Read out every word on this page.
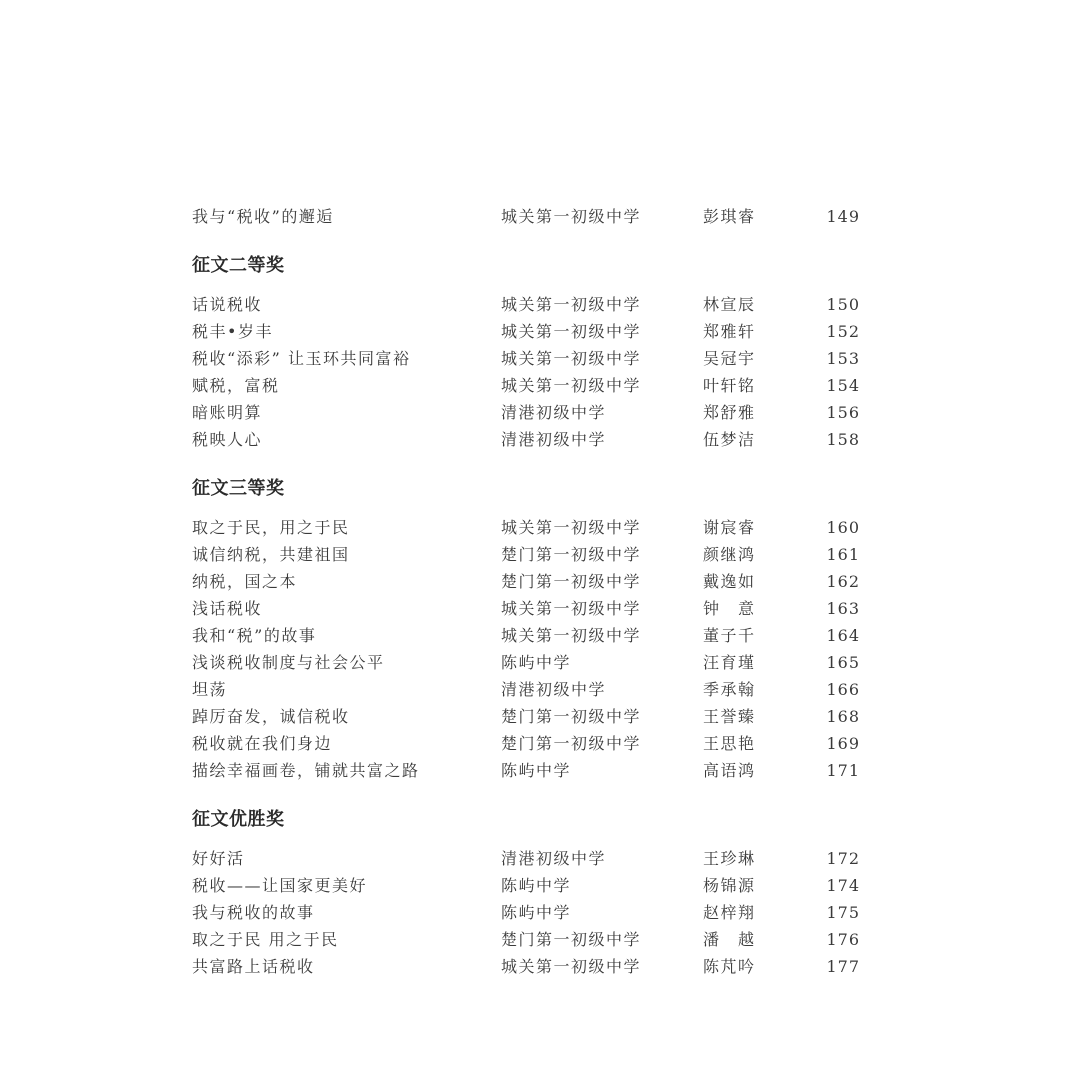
我与“税收”的邂逅	城关第一初级中学	彭琪睿	149
征文二等奖
话说税收	城关第一初级中学	林宣辰	150
税丰•岁丰	城关第一初级中学	郑雅轩	152
税收“添彩” 让玉环共同富裕	城关第一初级中学	吴冠宇	153
赋税，富税	城关第一初级中学	叶轩铭	154
暗账明算	清港初级中学	郑舒雅	156
税映人心	清港初级中学	伍梦洁	158
征文三等奖
取之于民，用之于民	城关第一初级中学	谢宸睿	160
诚信纳税，共建祖国	楚门第一初级中学	颜继鸿	161
纳税，国之本	楚门第一初级中学	戴逸如	162
浅话税收	城关第一初级中学	钟　意	163
我和“税”的故事	城关第一初级中学	董子千	164
浅谈税收制度与社会公平	陈屿中学	汪育瑾	165
坦荡	清港初级中学	季承翰	166
踔厉奋发，诚信税收	楚门第一初级中学	王誉臻	168
税收就在我们身边	楚门第一初级中学	王思艳	169
描绘幸福画卷，铺就共富之路	陈屿中学	高语鸿	171
征文优胜奖
好好活	清港初级中学	王珍琳	172
税收——让国家更美好	陈屿中学	杨锦源	174
我与税收的故事	陈屿中学	赵梓翔	175
取之于民 用之于民	楚门第一初级中学	潘　越	176
共富路上话税收	城关第一初级中学	陈芃吟	177
